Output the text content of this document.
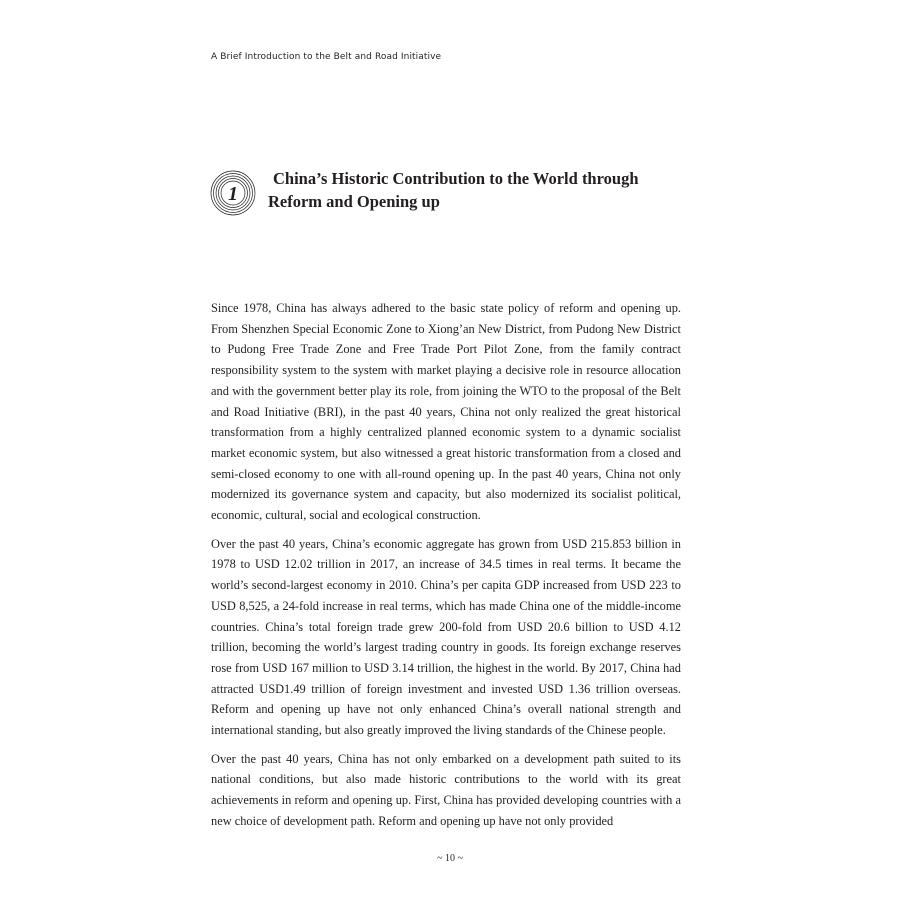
A Brief Introduction to the Belt and Road Initiative
1
China’s Historic Contribution to the World through
Reform and Opening up

Since 1978, China has always adhered to the basic state policy of reform and opening up. From Shenzhen Special Economic Zone to Xiong’an New District, from Pudong New District to Pudong Free Trade Zone and Free Trade Port Pilot Zone, from the family contract responsibility system to the system with market playing a decisive role in resource allocation and with the government better play its role, from joining the WTO to the proposal of the Belt and Road Initiative (BRI), in the past 40 years, China not only realized the great historical transformation from a highly centralized planned economic system to a dynamic socialist market economic system, but also witnessed a great historic transformation from a closed and semi-closed economy to one with all-round opening up. In the past 40 years, China not only modernized its governance system and capacity, but also modernized its socialist political, economic, cultural, social and ecological construction.

Over the past 40 years, China’s economic aggregate has grown from USD 215.853 billion in 1978 to USD 12.02 trillion in 2017, an increase of 34.5 times in real terms. It became the world’s second-largest economy in 2010. China’s per capita GDP increased from USD 223 to USD 8,525, a 24-fold increase in real terms, which has made China one of the middle-income countries. China’s total foreign trade grew 200-fold from USD 20.6 billion to USD 4.12 trillion, becoming the world’s largest trading country in goods. Its foreign exchange reserves rose from USD 167 million to USD 3.14 trillion, the highest in the world. By 2017, China had attracted USD1.49 trillion of foreign investment and invested USD 1.36 trillion overseas. Reform and opening up have not only enhanced China’s overall national strength and international standing, but also greatly improved the living standards of the Chinese people.

Over the past 40 years, China has not only embarked on a development path suited to its national conditions, but also made historic contributions to the world with its great achievements in reform and opening up. First, China has provided developing countries with a new choice of development path. Reform and opening up have not only provided

~ 10 ~
